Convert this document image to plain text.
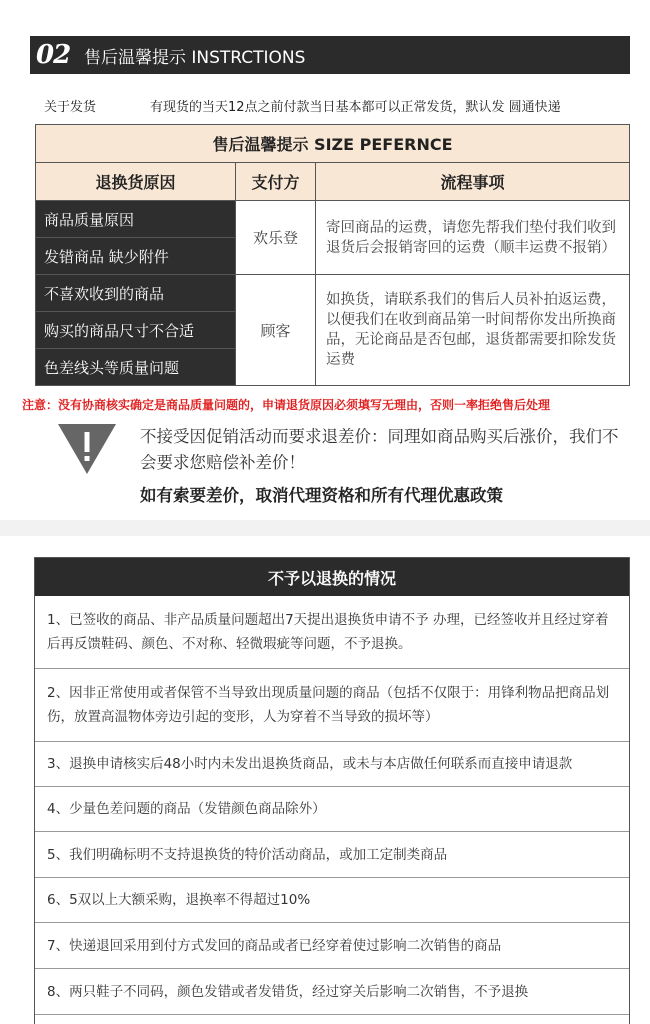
02 售后温馨提示 INSTRCTIONS
关于发货	有现货的当天12点之前付款当日基本都可以正常发货，默认发 圆通快递
售后温馨提示 SIZE PEFERNCE		
退换货原因	支付方	流程事项
商品质量原因	欢乐登	寄回商品的运费，请您先帮我们垫付我们收到退货后会报销寄回的运费（顺丰运费不报销）
发错商品 缺少附件		
不喜欢收到的商品	顾客	如换货，请联系我们的售后人员补拍返运费，以便我们在收到商品第一时间帮你发出所换商品，无论商品是否包邮，退货都需要扣除发货运费
购买的商品尺寸不合适		
色差线头等质量问题		
注意：没有协商核实确定是商品质量问题的，申请退货原因必须填写无理由，否则一率拒绝售后处理
不接受因促销活动而要求退差价：同理如商品购买后涨价，我们不会要求您赔偿补差价！
如有索要差价，取消代理资格和所有代理优惠政策
不予以退换的情况
1、已签收的商品、非产品质量问题超出7天提出退换货申请不予 办理，已经签收并且经过穿着后再反馈鞋码、颜色、不对称、轻微瑕疵等问题，不予退换。
2、因非正常使用或者保管不当导致出现质量问题的商品（包括不仅限于：用锋利物品把商品划伤，放置高温物体旁边引起的变形，人为穿着不当导致的损坏等）
3、退换申请核实后48小时内未发出退换货商品，或未与本店做任何联系而直接申请退款
4、少量色差问题的商品（发错颜色商品除外）
5、我们明确标明不支持退换货的特价活动商品，或加工定制类商品
6、5双以上大额采购，退换率不得超过10%
7、快递退回采用到付方式发回的商品或者已经穿着使过影响二次销售的商品
8、两只鞋子不同码，颜色发错或者发错货，经过穿关后影响二次销售，不予退换
